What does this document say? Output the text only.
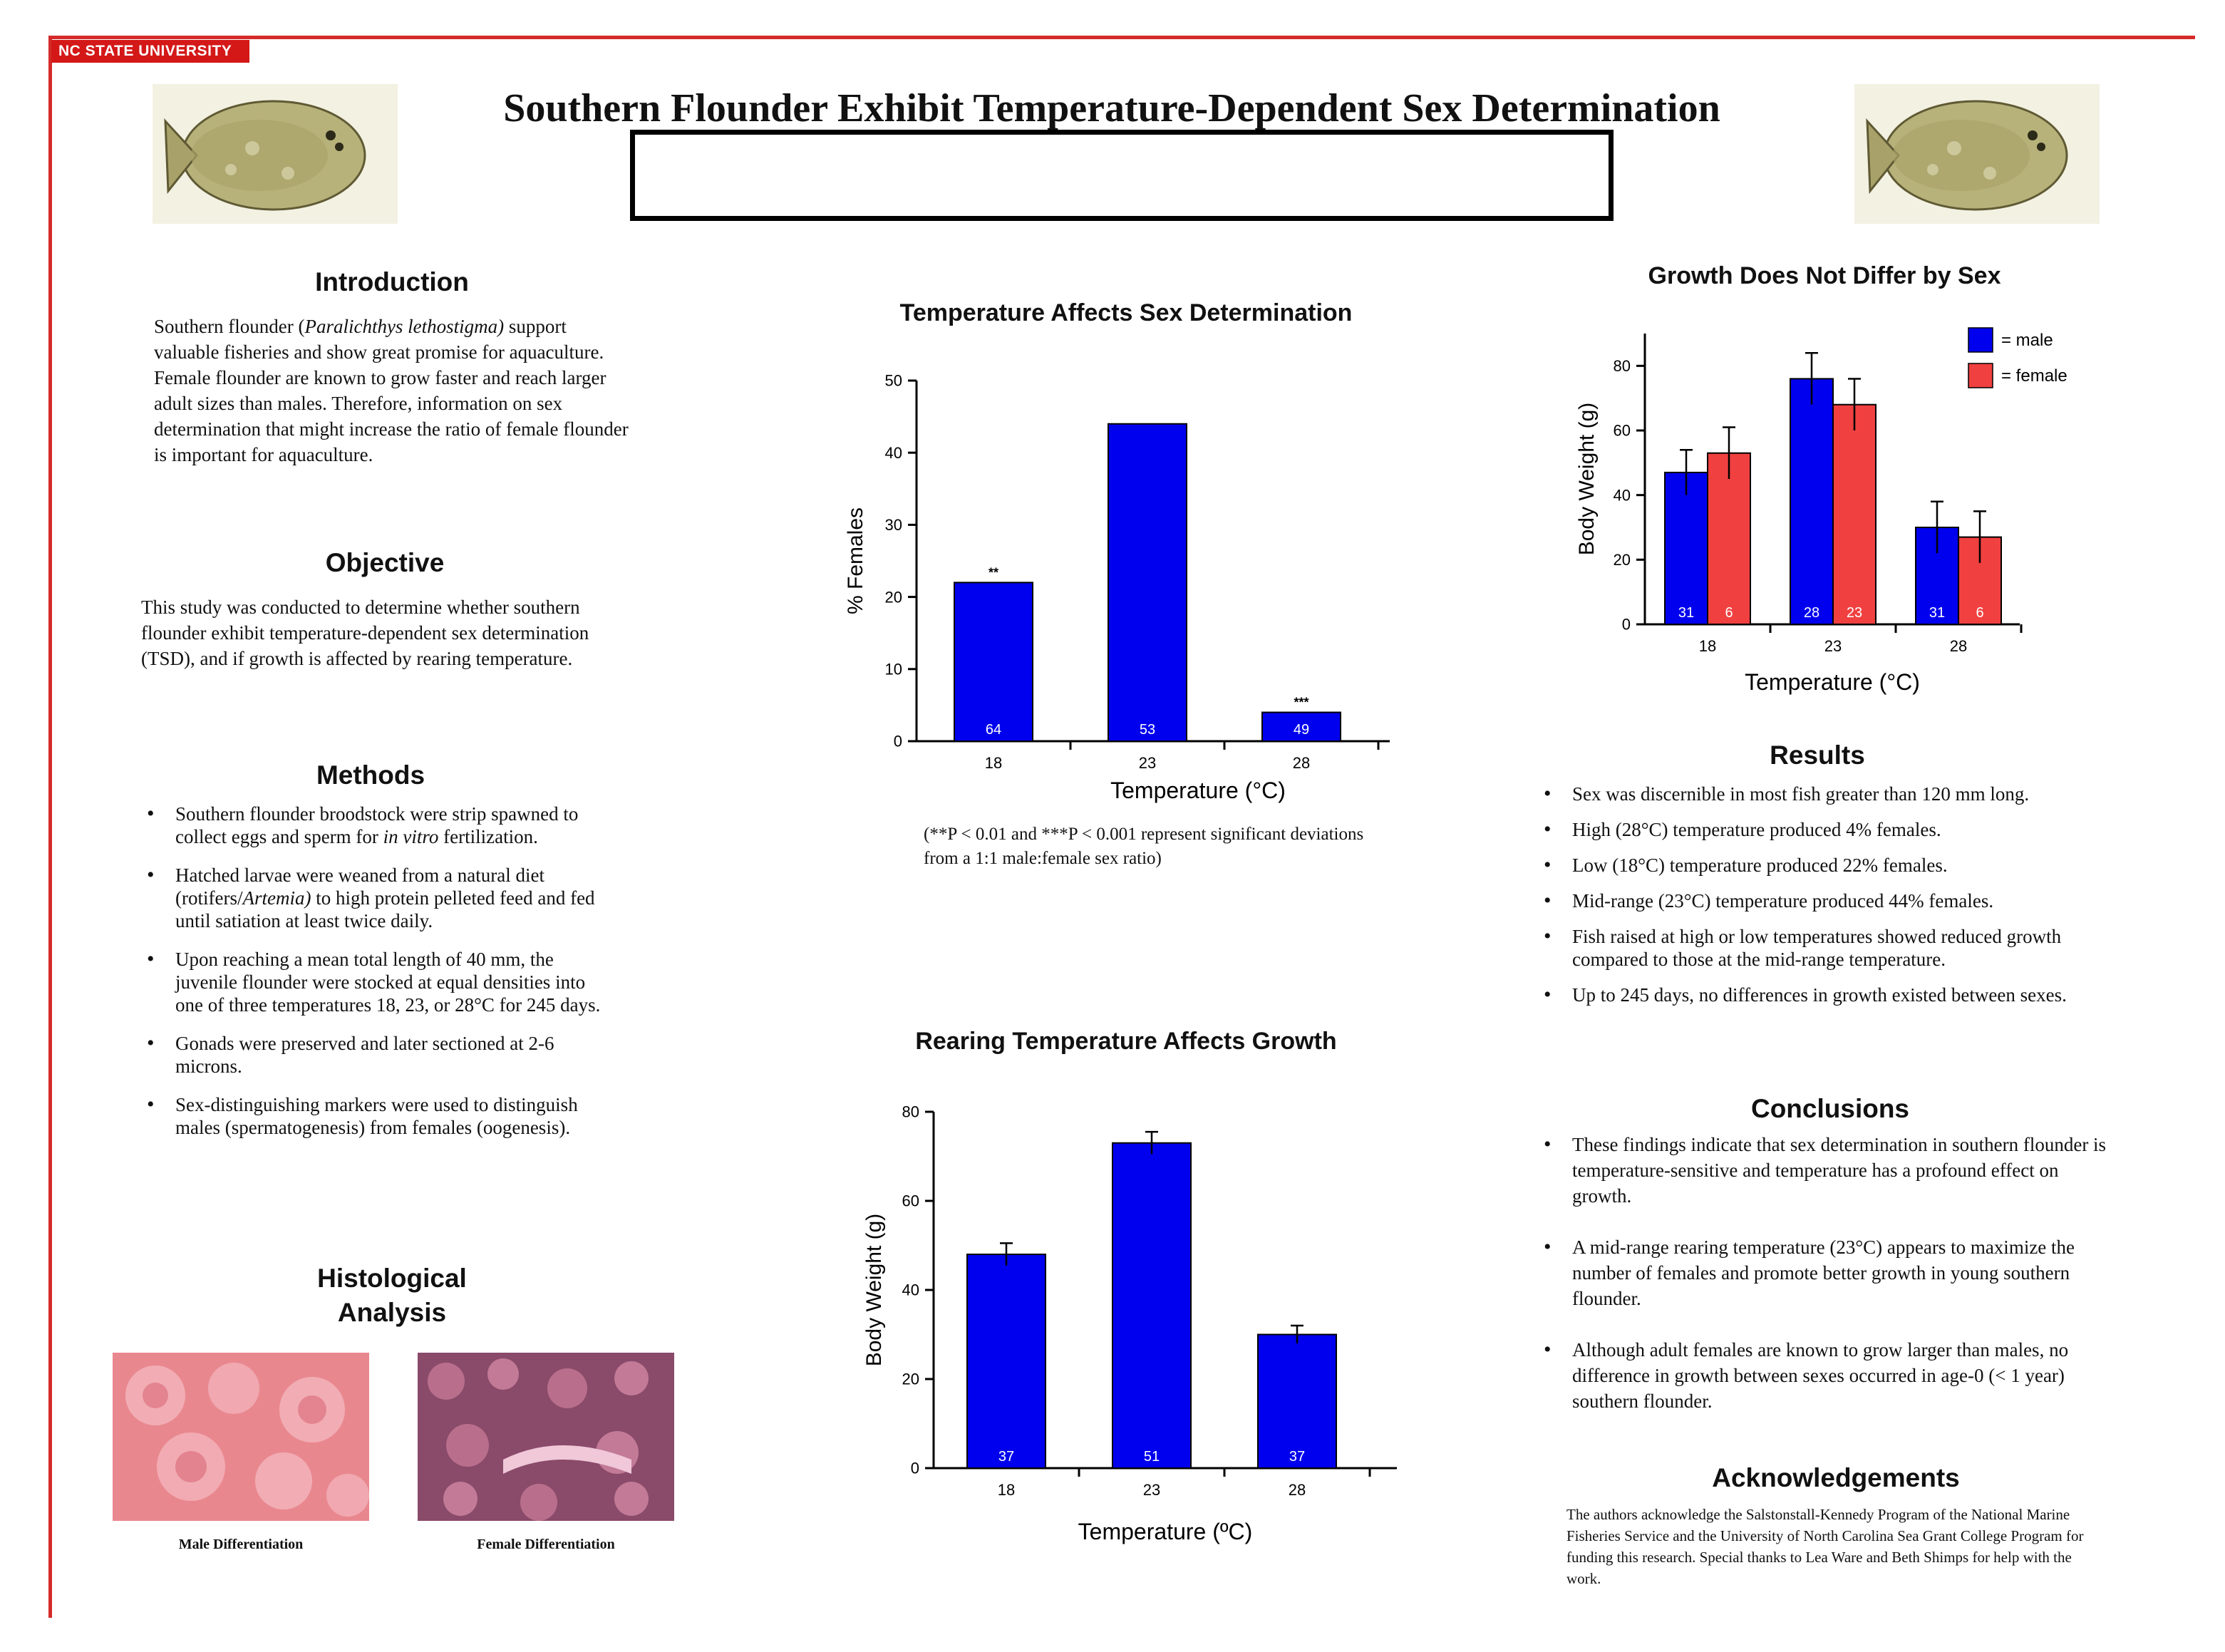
NC STATE UNIVERSITY
Southern Flounder Exhibit Temperature-Dependent Sex Determination
Introduction

Southern flounder (Paralichthys lethostigma) support valuable fisheries and show great promise for aquaculture. Female flounder are known to grow faster and reach larger adult sizes than males. Therefore, information on sex determination that might increase the ratio of female flounder is important for aquaculture.

Objective

This study was conducted to determine whether southern flounder exhibit temperature-dependent sex determination (TSD), and if growth is affected by rearing temperature.

Methods
• Southern flounder broodstock were strip spawned to collect eggs and sperm for in vitro fertilization.
• Hatched larvae were weaned from a natural diet (rotifers/Artemia) to high protein pelleted feed and fed until satiation at least twice daily.
• Upon reaching a mean total length of 40 mm, the juvenile flounder were stocked at equal densities into one of three temperatures 18, 23, or 28°C for 245 days.
• Gonads were preserved and later sectioned at 2-6 microns.
• Sex-distinguishing markers were used to distinguish males (spermatogenesis) from females (oogenesis).
Histological
Analysis
Male Differentiation	Female Differentiation
Temperature Affects Sex Determination
0
10
20
30
40
50
18
64
**
23
53
28
49
***
Temperature (°C)
% Females
(**P < 0.01 and ***P < 0.001 represent significant deviations from a 1:1 male:female sex ratio)
Rearing Temperature Affects Growth
0
20
40
60
80
18
37
23
51
28
37
Temperature (ºC)
Body Weight (g)
Growth Does Not Differ by Sex
0
20
40
60
80
18
31 6
23
28 23
28
31 6
Temperature (°C)
Body Weight (g)
= male
= female
Results
• Sex was discernible in most fish greater than 120 mm long.
• High (28°C) temperature produced 4% females.
• Low (18°C) temperature produced 22% females.
• Mid-range (23°C) temperature produced 44% females.
• Fish raised at high or low temperatures showed reduced growth compared to those at the mid-range temperature.
• Up to 245 days, no differences in growth existed between sexes.
Conclusions
• These findings indicate that sex determination in southern flounder is temperature-sensitive and temperature has a profound effect on growth.
• A mid-range rearing temperature (23°C) appears to maximize the number of females and promote better growth in young southern flounder.
• Although adult females are known to grow larger than males, no difference in growth between sexes occurred in age-0 (< 1 year) southern flounder.
Acknowledgements

The authors acknowledge the Salstonstall-Kennedy Program of the National Marine Fisheries Service and the University of North Carolina Sea Grant College Program for funding this research. Special thanks to Lea Ware and Beth Shimps for help with the work.
